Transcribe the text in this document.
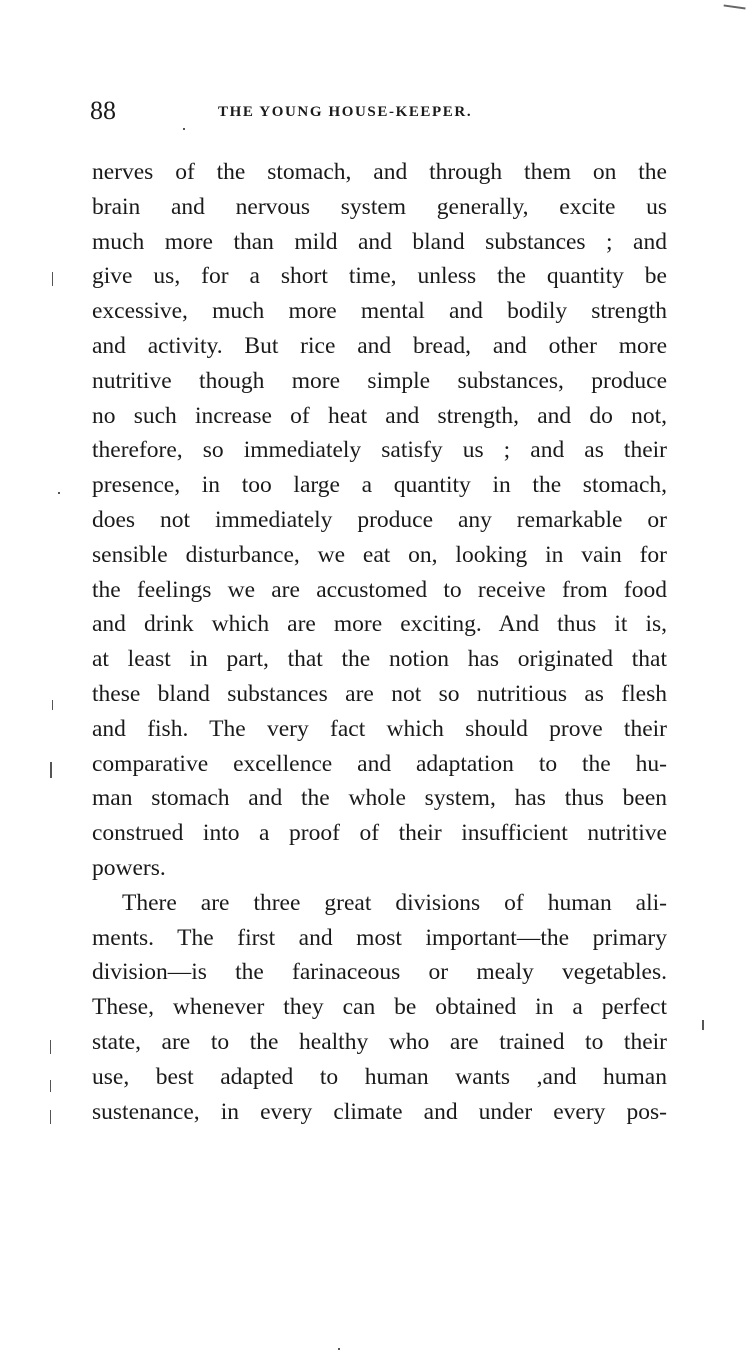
88	THE YOUNG HOUSE-KEEPER.
nerves of the stomach, and through them on the
brain and nervous system generally, excite us
much more than mild and bland substances ; and
give us, for a short time, unless the quantity be
excessive, much more mental and bodily strength
and activity. But rice and bread, and other more
nutritive though more simple substances, produce
no such increase of heat and strength, and do not,
therefore, so immediately satisfy us ; and as their
presence, in too large a quantity in the stomach,
does not immediately produce any remarkable or
sensible disturbance, we eat on, looking in vain for
the feelings we are accustomed to receive from food
and drink which are more exciting. And thus it is,
at least in part, that the notion has originated that
these bland substances are not so nutritious as flesh
and fish. The very fact which should prove their
comparative excellence and adaptation to the hu-
man stomach and the whole system, has thus been
construed into a proof of their insufficient nutritive
powers.
There are three great divisions of human ali-
ments. The first and most important—the primary
division—is the farinaceous or mealy vegetables.
These, whenever they can be obtained in a perfect
state, are to the healthy who are trained to their
use, best adapted to human wants ,and human
sustenance, in every climate and under every pos-
